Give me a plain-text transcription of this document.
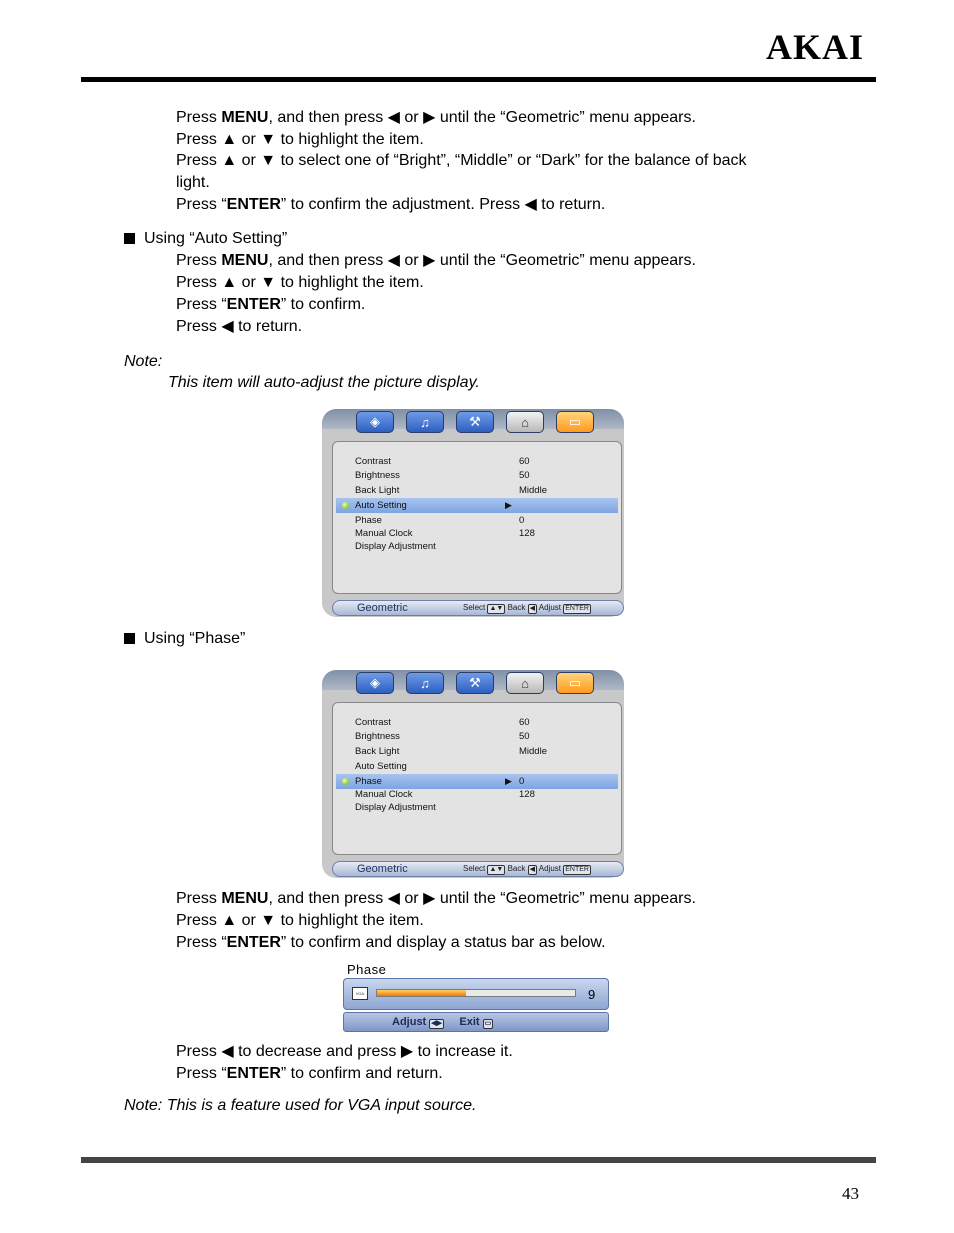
AKAI
Press MENU, and then press ◀ or ▶ until the “Geometric” menu appears.
Press ▲ or ▼ to highlight the item.
Press ▲ or ▼ to select one of “Bright”, “Middle” or “Dark” for the balance of back
light.
Press “ENTER” to confirm the adjustment. Press ◀ to return.
Using “Auto Setting”
Press MENU, and then press ◀ or ▶ until the “Geometric” menu appears.
Press ▲ or ▼ to highlight the item.
Press “ENTER” to confirm.
Press ◀ to return.
Note:
This item will auto-adjust the picture display.
◈	♫	⚒	⌂	▭
Contrast	60
Brightness	50
Back Light	Middle
Auto Setting	▶
Phase	0
Manual Clock	128
Display Adjustment
Geometric	Select ▲▼ Back ◀ Adjust ENTER
Using “Phase”
◈	♫	⚒	⌂	▭
Contrast	60
Brightness	50
Back Light	Middle
Auto Setting
Phase	▶ 0
Manual Clock	128
Display Adjustment
Geometric	Select ▲▼ Back ◀ Adjust ENTER
Press MENU, and then press ◀ or ▶ until the “Geometric” menu appears.
Press ▲ or ▼ to highlight the item.
Press “ENTER” to confirm and display a status bar as below.
Phase
VGA	9
Adjust ◀▶ Exit ▭
Press ◀ to decrease and press ▶ to increase it.
Press “ENTER” to confirm and return.
Note: This is a feature used for VGA input source.
43
